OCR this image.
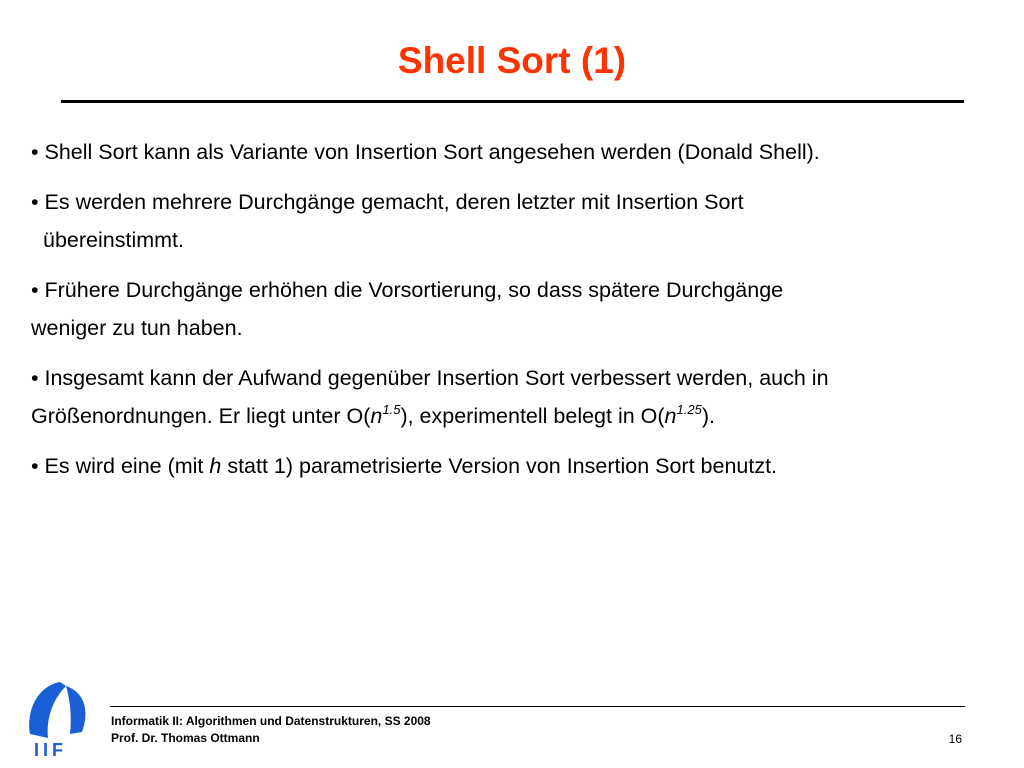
Shell Sort (1)

• Shell Sort kann als Variante von Insertion Sort angesehen werden (Donald Shell).

• Es werden mehrere Durchgänge gemacht, deren letzter mit Insertion Sort
übereinstimmt.

• Frühere Durchgänge erhöhen die Vorsortierung, so dass spätere Durchgänge
weniger zu tun haben.

• Insgesamt kann der Aufwand gegenüber Insertion Sort verbessert werden, auch in
Größenordnungen. Er liegt unter $O(n^{1.5})$, experimentell belegt in $O(n^{1.25})$.

• Es wird eine (mit h statt 1) parametrisierte Version von Insertion Sort benutzt.

IIF
Informatik II: Algorithmen und Datenstrukturen, SS 2008
Prof. Dr. Thomas Ottmann	16
